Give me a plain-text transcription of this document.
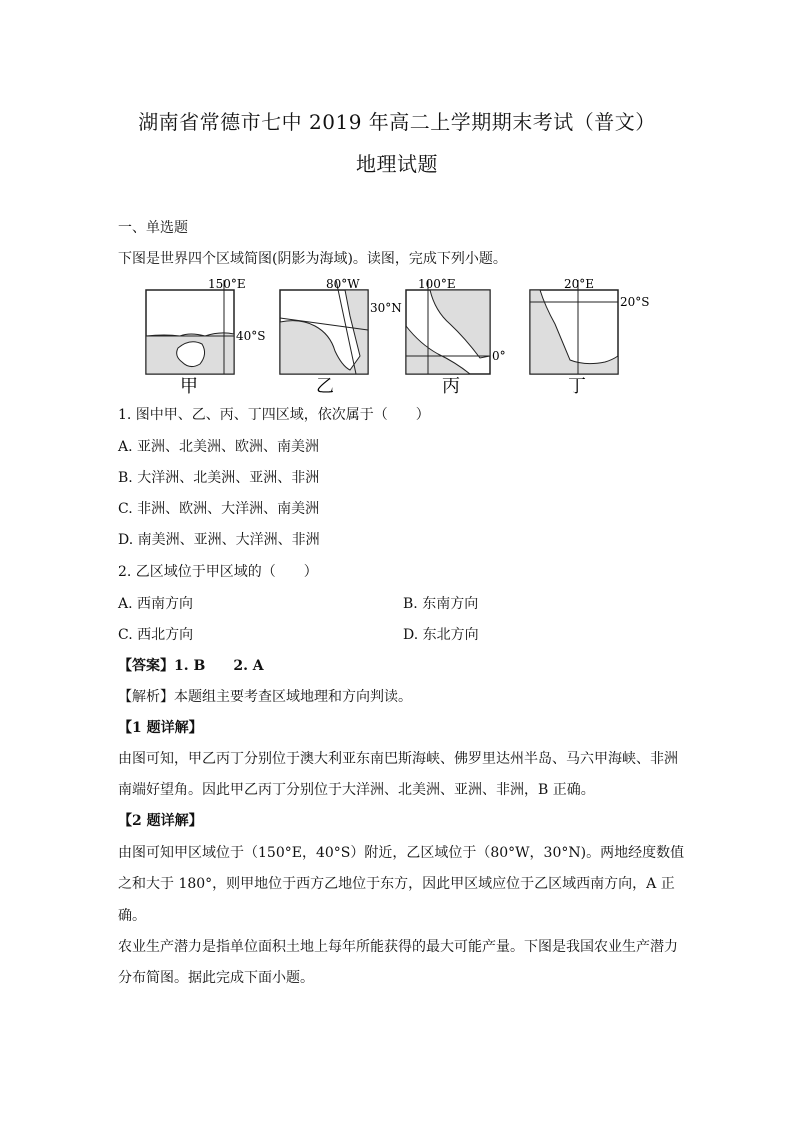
湖南省常德市七中 2019 年高二上学期期末考试（普文）
地理试题
一、单选题
下图是世界四个区域简图(阴影为海域)。读图，完成下列小题。
150°E
40°S
甲
80°W
30°N
乙
100°E
0°
丙
20°E
20°S
丁
1. 图中甲、乙、丙、丁四区域，依次属于（　　）
A. 亚洲、北美洲、欧洲、南美洲
B. 大洋洲、北美洲、亚洲、非洲
C. 非洲、欧洲、大洋洲、南美洲
D. 南美洲、亚洲、大洋洲、非洲
2. 乙区域位于甲区域的（　　）
A. 西南方向	B. 东南方向
C. 西北方向	D. 东北方向
【答案】1. B　　2. A
【解析】本题组主要考查区域地理和方向判读。
【1 题详解】
由图可知，甲乙丙丁分别位于澳大利亚东南巴斯海峡、佛罗里达州半岛、马六甲海峡、非洲
南端好望角。因此甲乙丙丁分别位于大洋洲、北美洲、亚洲、非洲，B 正确。
【2 题详解】
由图可知甲区域位于（150°E，40°S）附近，乙区域位于（80°W，30°N)。两地经度数值
之和大于 180°，则甲地位于西方乙地位于东方，因此甲区域应位于乙区域西南方向，A 正
确。
农业生产潜力是指单位面积土地上每年所能获得的最大可能产量。下图是我国农业生产潜力
分布简图。据此完成下面小题。
